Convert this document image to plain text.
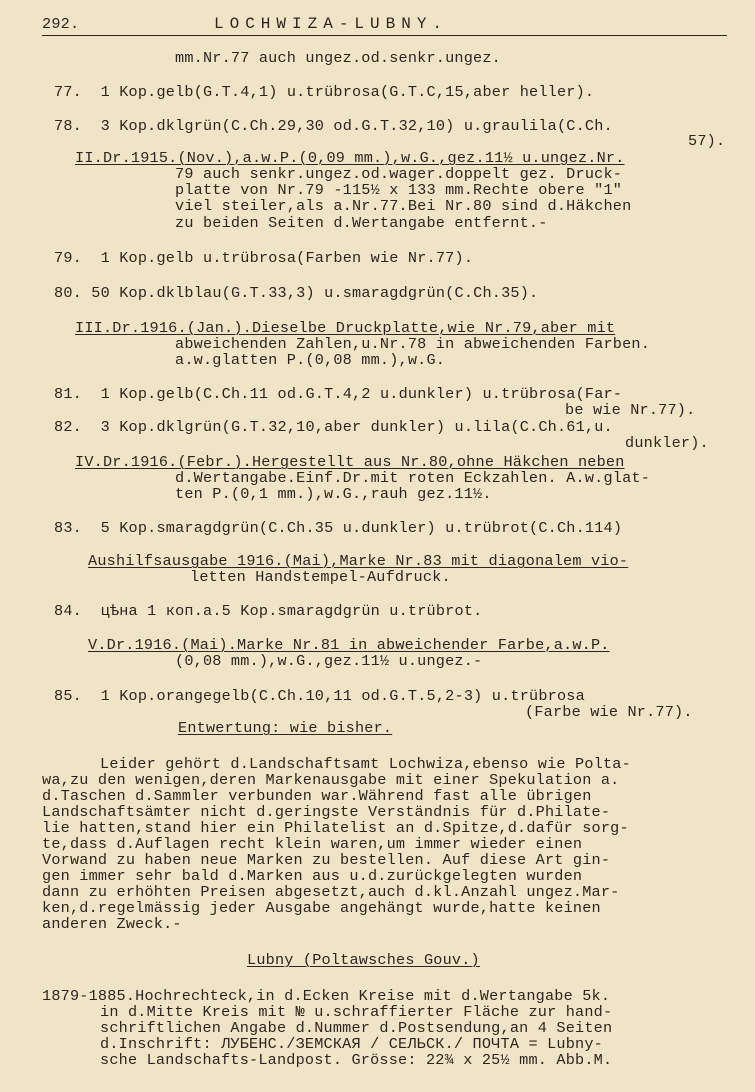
292.	LOCHWIZA-LUBNY.
mm.Nr.77 auch ungez.od.senkr.ungez.
77.  1 Kop.gelb(G.T.4,1) u.trübrosa(G.T.C,15,aber heller).
78.  3 Kop.dklgrün(C.Ch.29,30 od.G.T.32,10) u.graulila(C.Ch.
57).
II.Dr.1915.(Nov.),a.w.P.(0,09 mm.),w.G.,gez.11½ u.ungez.Nr.
79 auch senkr.ungez.od.wager.doppelt gez. Druck-
platte von Nr.79 -115½ x 133 mm.Rechte obere "1"
viel steiler,als a.Nr.77.Bei Nr.80 sind d.Häkchen
zu beiden Seiten d.Wertangabe entfernt.-
79.  1 Kop.gelb u.trübrosa(Farben wie Nr.77).
80. 50 Kop.dklblau(G.T.33,3) u.smaragdgrün(C.Ch.35).
III.Dr.1916.(Jan.).Dieselbe Druckplatte,wie Nr.79,aber mit
abweichenden Zahlen,u.Nr.78 in abweichenden Farben.
a.w.glatten P.(0,08 mm.),w.G.
81.  1 Kop.gelb(C.Ch.11 od.G.T.4,2 u.dunkler) u.trübrosa(Far-
be wie Nr.77).
82.  3 Kop.dklgrün(G.T.32,10,aber dunkler) u.lila(C.Ch.61,u.
dunkler).
IV.Dr.1916.(Febr.).Hergestellt aus Nr.80,ohne Häkchen neben
d.Wertangabe.Einf.Dr.mit roten Eckzahlen. A.w.glat-
ten P.(0,1 mm.),w.G.,rauh gez.11½.
83.  5 Kop.smaragdgrün(C.Ch.35 u.dunkler) u.trübrot(C.Ch.114)
Aushilfsausgabe 1916.(Mai),Marke Nr.83 mit diagonalem vio-
letten Handstempel-Aufdruck.
84.  цѣна 1 коп.а.5 Kop.smaragdgrün u.trübrot.
V.Dr.1916.(Mai).Marke Nr.81 in abweichender Farbe,a.w.P.
(0,08 mm.),w.G.,gez.11½ u.ungez.-
85.  1 Kop.orangegelb(C.Ch.10,11 od.G.T.5,2-3) u.trübrosa
(Farbe wie Nr.77).
Entwertung: wie bisher.
Leider gehört d.Landschaftsamt Lochwiza,ebenso wie Polta-
wa,zu den wenigen,deren Markenausgabe mit einer Spekulation a.
d.Taschen d.Sammler verbunden war.Während fast alle übrigen
Landschaftsämter nicht d.geringste Verständnis für d.Philate-
lie hatten,stand hier ein Philatelist an d.Spitze,d.dafür sorg-
te,dass d.Auflagen recht klein waren,um immer wieder einen
Vorwand zu haben neue Marken zu bestellen. Auf diese Art gin-
gen immer sehr bald d.Marken aus u.d.zurückgelegten wurden
dann zu erhöhten Preisen abgesetzt,auch d.kl.Anzahl ungez.Mar-
ken,d.regelmässig jeder Ausgabe angehängt wurde,hatte keinen
anderen Zweck.-
Lubny (Poltawsches Gouv.)
1879-1885.Hochrechteck,in d.Ecken Kreise mit d.Wertangabe 5k.
in d.Mitte Kreis mit № u.schraffierter Fläche zur hand-
schriftlichen Angabe d.Nummer d.Postsendung,an 4 Seiten
d.Inschrift: ЛУБЕНС./ЗЕМСКАЯ / СЕЛЬСК./ ПОЧТА = Lubny-
sche Landschafts-Landpost. Grösse: 22¾ x 25½ mm. Abb.M.
